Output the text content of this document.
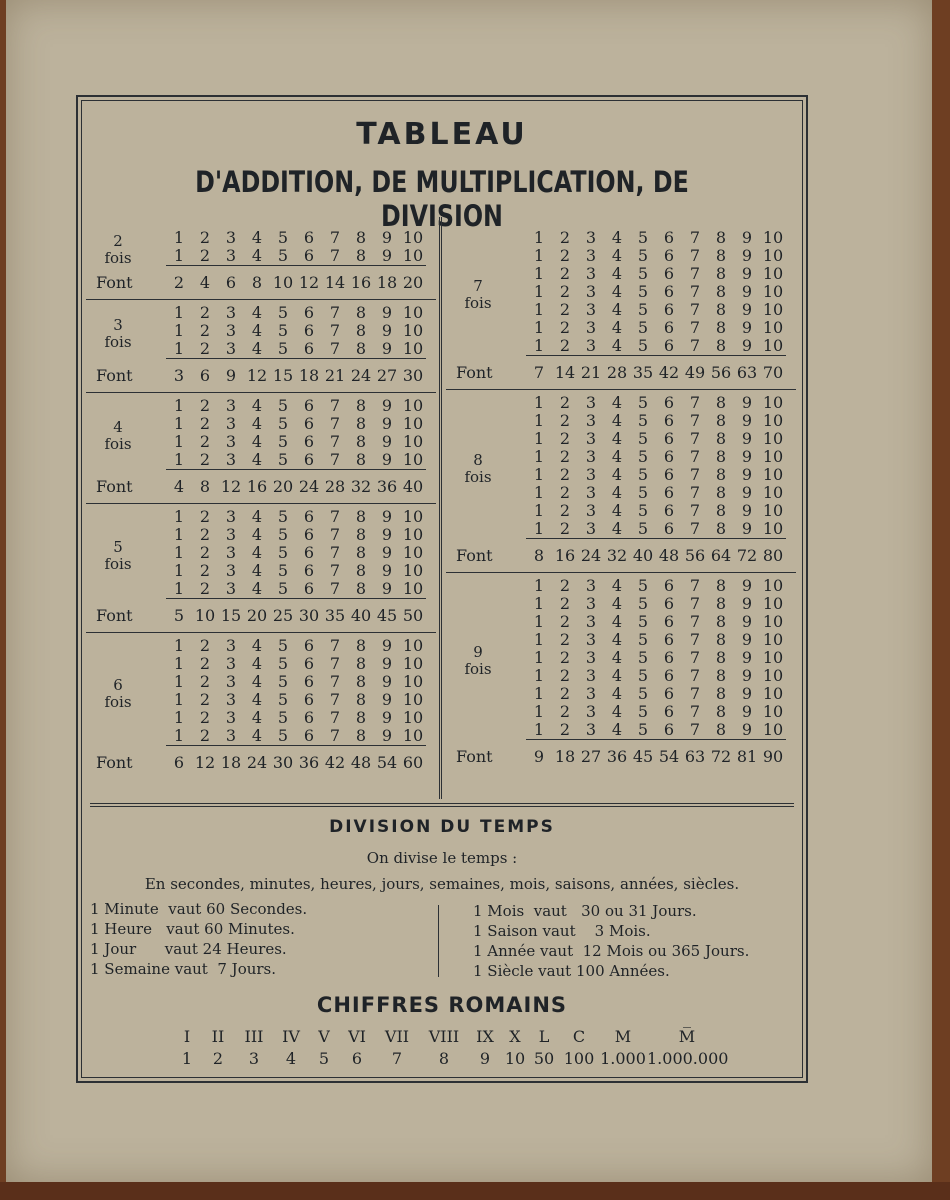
TABLEAU
D'ADDITION, DE MULTIPLICATION, DE DIVISION
2
fois
1 2 3 4 5 6 7 8 9 10
1 2 3 4 5 6 7 8 9 10
Font	2 4 6 8 10 12 14 16 18 20
3
fois
1 2 3 4 5 6 7 8 9 10
1 2 3 4 5 6 7 8 9 10
1 2 3 4 5 6 7 8 9 10
Font	3 6 9 12 15 18 21 24 27 30
4
fois
1 2 3 4 5 6 7 8 9 10
1 2 3 4 5 6 7 8 9 10
1 2 3 4 5 6 7 8 9 10
1 2 3 4 5 6 7 8 9 10
Font	4 8 12 16 20 24 28 32 36 40
5
fois
1 2 3 4 5 6 7 8 9 10
1 2 3 4 5 6 7 8 9 10
1 2 3 4 5 6 7 8 9 10
1 2 3 4 5 6 7 8 9 10
1 2 3 4 5 6 7 8 9 10
Font	5 10 15 20 25 30 35 40 45 50
6
fois
1 2 3 4 5 6 7 8 9 10
1 2 3 4 5 6 7 8 9 10
1 2 3 4 5 6 7 8 9 10
1 2 3 4 5 6 7 8 9 10
1 2 3 4 5 6 7 8 9 10
1 2 3 4 5 6 7 8 9 10
Font	6 12 18 24 30 36 42 48 54 60
7
fois
1 2 3 4 5 6 7 8 9 10
1 2 3 4 5 6 7 8 9 10
1 2 3 4 5 6 7 8 9 10
1 2 3 4 5 6 7 8 9 10
1 2 3 4 5 6 7 8 9 10
1 2 3 4 5 6 7 8 9 10
1 2 3 4 5 6 7 8 9 10
Font	7 14 21 28 35 42 49 56 63 70
8
fois
1 2 3 4 5 6 7 8 9 10
1 2 3 4 5 6 7 8 9 10
1 2 3 4 5 6 7 8 9 10
1 2 3 4 5 6 7 8 9 10
1 2 3 4 5 6 7 8 9 10
1 2 3 4 5 6 7 8 9 10
1 2 3 4 5 6 7 8 9 10
1 2 3 4 5 6 7 8 9 10
Font	8 16 24 32 40 48 56 64 72 80
9
fois
1 2 3 4 5 6 7 8 9 10
1 2 3 4 5 6 7 8 9 10
1 2 3 4 5 6 7 8 9 10
1 2 3 4 5 6 7 8 9 10
1 2 3 4 5 6 7 8 9 10
1 2 3 4 5 6 7 8 9 10
1 2 3 4 5 6 7 8 9 10
1 2 3 4 5 6 7 8 9 10
1 2 3 4 5 6 7 8 9 10
Font	9 18 27 36 45 54 63 72 81 90
DIVISION DU TEMPS
On divise le temps :
En secondes, minutes, heures, jours, semaines, mois, saisons, années, siècles.
1 Minute  vaut 60 Secondes.
1 Heure   vaut 60 Minutes.
1 Jour      vaut 24 Heures.
1 Semaine vaut  7 Jours.
1 Mois  vaut   30 ou 31 Jours.
1 Saison vaut    3 Mois.
1 Année vaut  12 Mois ou 365 Jours.
1 Siècle vaut 100 Années.
CHIFFRES ROMAINS
I	II	III	IV	V	VI	VII	VIII	IX X	L	C	M	M̅
1	2	3	4	5	6	7	8	9 10 50 100 1.000 1.000.000
